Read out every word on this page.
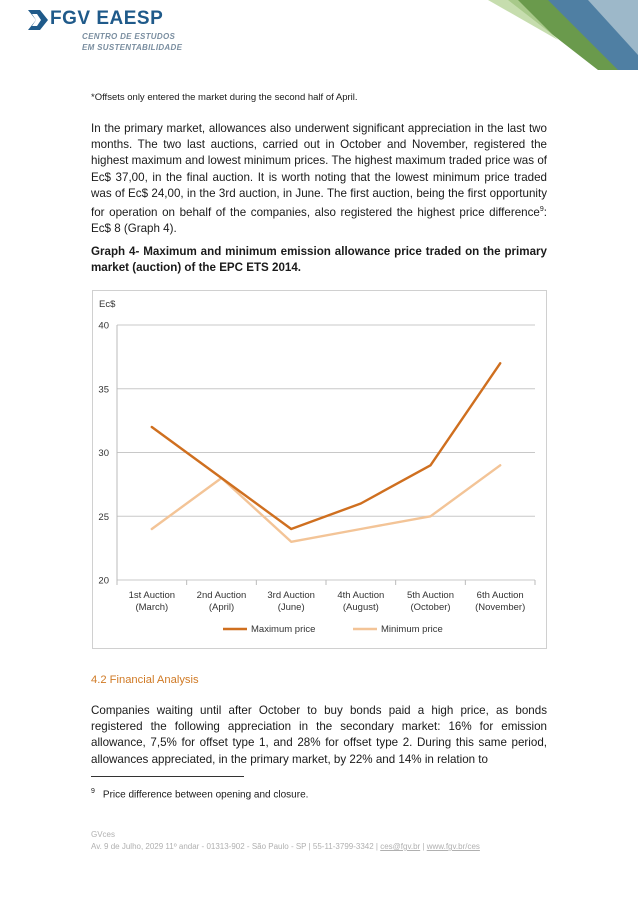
FGV EAESP
CENTRO DE ESTUDOS
EM SUSTENTABILIDADE
*Offsets only entered the market during the second half of April.
In the primary market, allowances also underwent significant appreciation in the last two months. The two last auctions, carried out in October and November, registered the highest maximum and lowest minimum prices. The highest maximum traded price was of Ec$ 37,00, in the final auction. It is worth noting that the lowest minimum price traded was of Ec$ 24,00, in the 3rd auction, in June. The first auction, being the first opportunity for operation on behalf of the companies, also registered the highest price difference$^9$: Ec$ 8 (Graph 4).
Graph 4- Maximum and minimum emission allowance price traded on the primary market (auction) of the EPC ETS 2014.
Ec$
20
25
30
35
40
1st Auction
(March)
2nd Auction
(April)
3rd Auction
(June)
4th Auction
(August)
5th Auction
(October)
6th Auction
(November)
Maximum price	Minimum price
4.2 Financial Analysis
Companies waiting until after October to buy bonds paid a high price, as bonds registered the following appreciation in the secondary market: 16% for emission allowance, 7,5% for offset type 1, and 28% for offset type 2. During this same period, allowances appreciated, in the primary market, by 22% and 14% in relation to
$^9$ Price difference between opening and closure.
GVces
Av. 9 de Julho, 2029 11º andar - 01313-902 - São Paulo - SP | 55-11-3799-3342 | ces@fgv.br | www.fgv.br/ces
